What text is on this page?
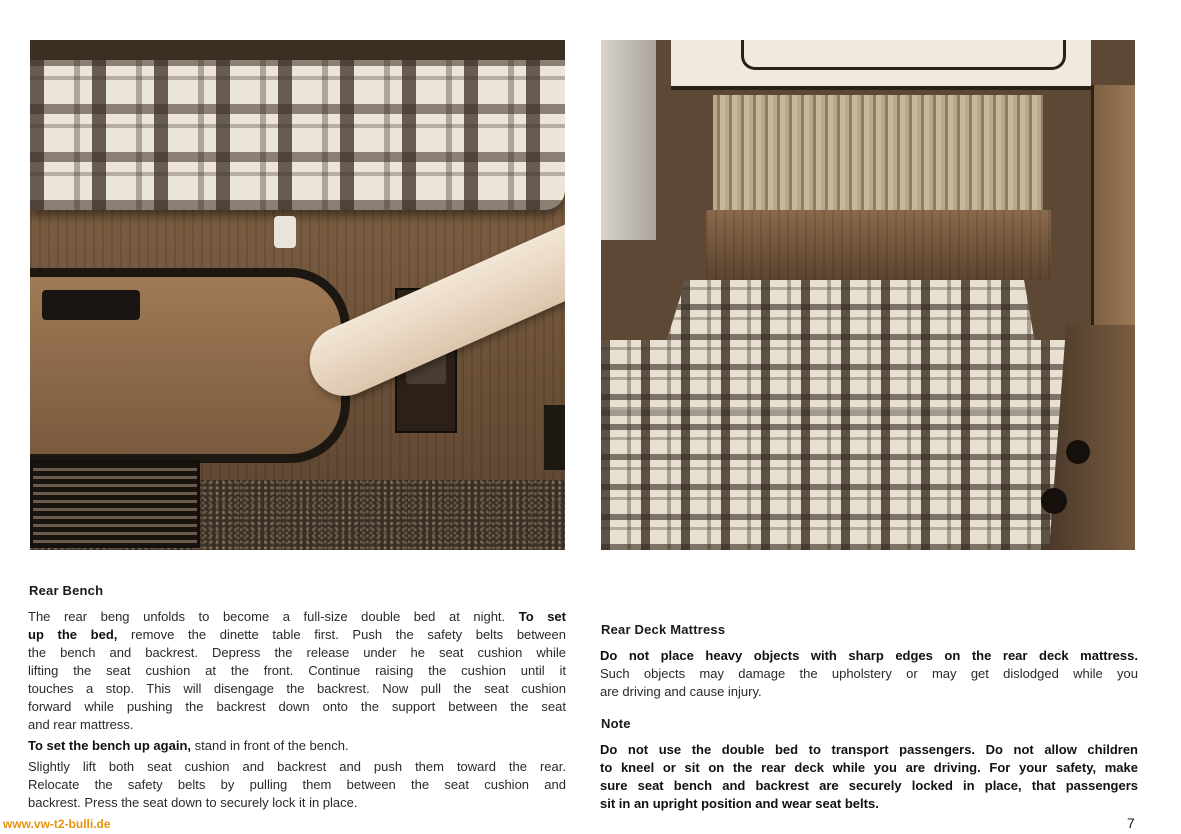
Rear Bench
The rear beng unfolds to become a full-size double bed at night. To set
up the bed, remove the dinette table first. Push the safety belts between
the bench and backrest. Depress the release under he seat cushion while
lifting the seat cushion at the front. Continue raising the cushion until it
touches a stop. This will disengage the backrest. Now pull the seat cushion
forward while pushing the backrest down onto the support between the seat
and rear mattress.
To set the bench up again, stand in front of the bench.
Slightly lift both seat cushion and backrest and push them toward the rear.
Relocate the safety belts by pulling them between the seat cushion and
backrest. Press the seat down to securely lock it in place.
Rear Deck Mattress
Do not place heavy objects with sharp edges on the rear deck mattress.
Such objects may damage the upholstery or may get dislodged while you
are driving and cause injury.
Note
Do not use the double bed to transport passengers. Do not allow children
to kneel or sit on the rear deck while you are driving. For your safety, make
sure seat bench and backrest are securely locked in place, that passengers
sit in an upright position and wear seat belts.
www.vw-t2-bulli.de	7
